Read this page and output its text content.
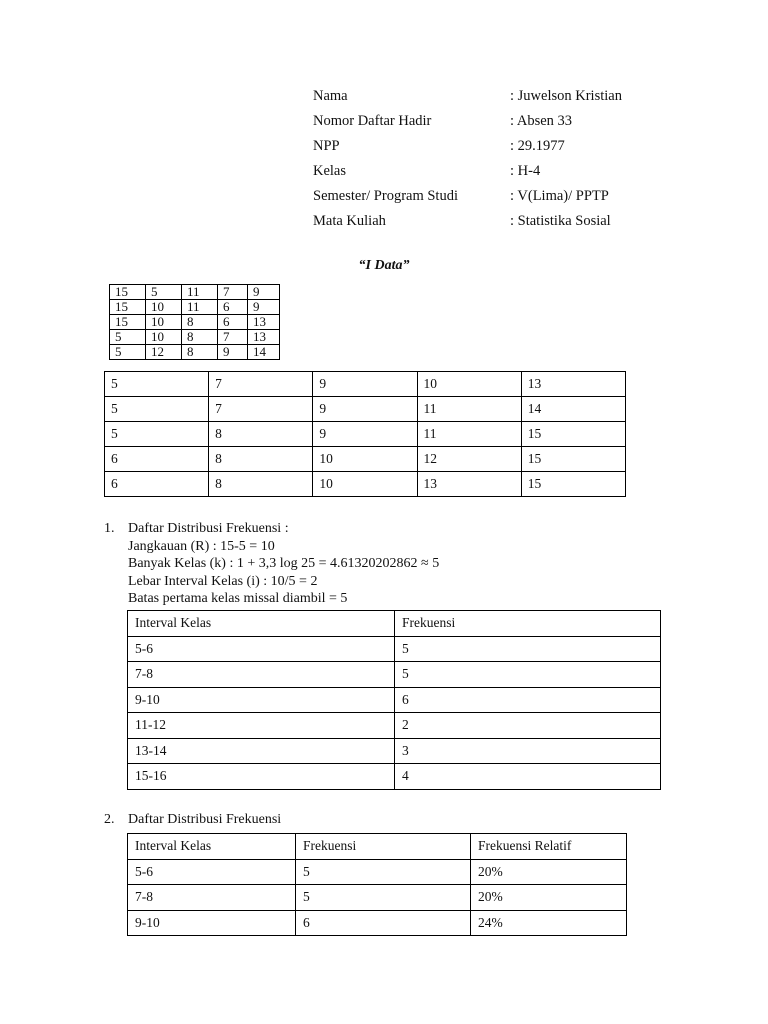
Nama	: Juwelson Kristian
Nomor Daftar Hadir	: Absen 33
NPP	: 29.1977
Kelas	: H-4
Semester/ Program Studi	: V(Lima)/ PPTP
Mata Kuliah	: Statistika Sosial
“I Data”
15	5	11	7	9
15	10	11	6	9
15	10	8	6	13
5	10	8	7	13
5	12	8	9	14
5	7	9	10	13
5	7	9	11	14
5	8	9	11	15
6	8	10	12	15
6	8	10	13	15
1. Daftar Distribusi Frekuensi :
Jangkauan (R) : 15-5 = 10
Banyak Kelas (k) : 1 + 3,3 log 25 = 4.61320202862 ≈ 5
Lebar Interval Kelas (i) : 10/5 = 2
Batas pertama kelas missal diambil = 5
Interval Kelas	Frekuensi
5-6	5
7-8	5
9-10	6
11-12	2
13-14	3
15-16	4
2. Daftar Distribusi Frekuensi
Interval Kelas	Frekuensi	Frekuensi Relatif
5-6	5	20%
7-8	5	20%
9-10	6	24%
